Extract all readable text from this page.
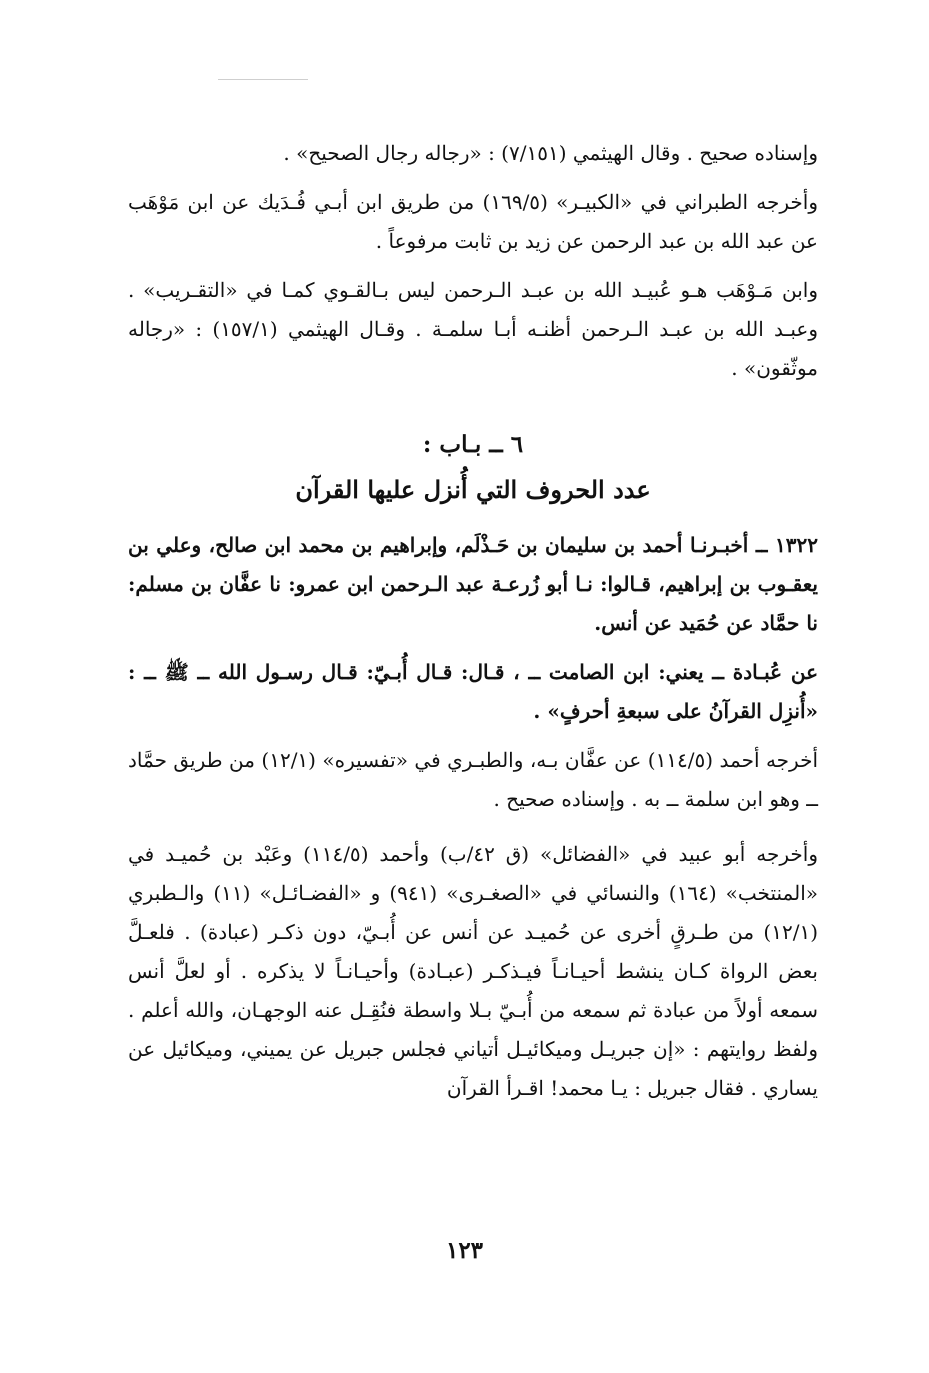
وإسناده صحيح . وقال الهيثمي (٧/١٥١) : «رجاله رجال الصحيح» .

وأخرجه الطبراني في «الكبيـر» (١٦٩/٥) من طريق ابن أبـي فُـدَيك عن ابن مَوْهَب عن عبد الله بن عبد الرحمن عن زيد بن ثابت مرفوعاً .

وابن مَـوْهَب هـو عُبيـد الله بن عبـد الـرحمن ليس بـالقـوي كمـا في «التقـريب» . وعبـد الله بن عبـد الـرحمن أظنـه أبـا سلمـة . وقـال الهيثمي (١٥٧/١) : «رجاله موثّقون» .

٦ ــ بـاب :

عدد الحروف التي أُنزل عليها القرآن

١٣٢٢ ــ أخبـرنـا أحمد بن سليمان بن حَـذْلَم، وإبراهيم بن محمد ابن صالح، وعلي بن يعقـوب بن إبراهيم، قـالوا: نـا أبو زُرعـة عبد الـرحمن ابن عمرو: نا عفَّان بن مسلم: نا حمَّاد عن حُمَيد عن أنس.

عن عُبـادة ــ يعني: ابن الصامت ــ ، قـال: قـال أُبـيّ: قـال رسـول الله ــ ﷺ ــ : «أُنزِل القرآنُ على سبعةِ أحرفٍ» .

أخرجه أحمد (١١٤/٥) عن عفَّان بـه، والطبـري في «تفسيره» (١٢/١) من طريق حمَّاد ــ وهو ابن سلمة ــ به . وإسناده صحيح .

وأخرجه أبو عبيد في «الفضائل» (ق ٤٢/ب) وأحمد (١١٤/٥) وعَبْد بن حُميـد في «المنتخب» (١٦٤) والنسائي في «الصغـرى» (٩٤١) و «الفضـائـل» (١١) والـطبري (١٢/١) من طـرقٍ أخرى عن حُميـد عن أنس عن أُبـيّ، دون ذكـر (عبادة) . فلعـلَّ بعض الرواة كـان ينشط أحيـانـاً فيـذكـر (عبـادة) وأحيـانـاً لا يذكره . أو لعلَّ أنس سمعه أولاً من عبادة ثم سمعه من أُبـيّ بـلا واسطة فنُقِـل عنه الوجهـان، والله أعلم . ولفظ روايتهم : «إن جبريـل وميكائيـل أتياني فجلس جبريل عن يميني، وميكائيل عن يساري . فقال جبريل : يـا محمد! اقـرأ القرآن

١٢٣
